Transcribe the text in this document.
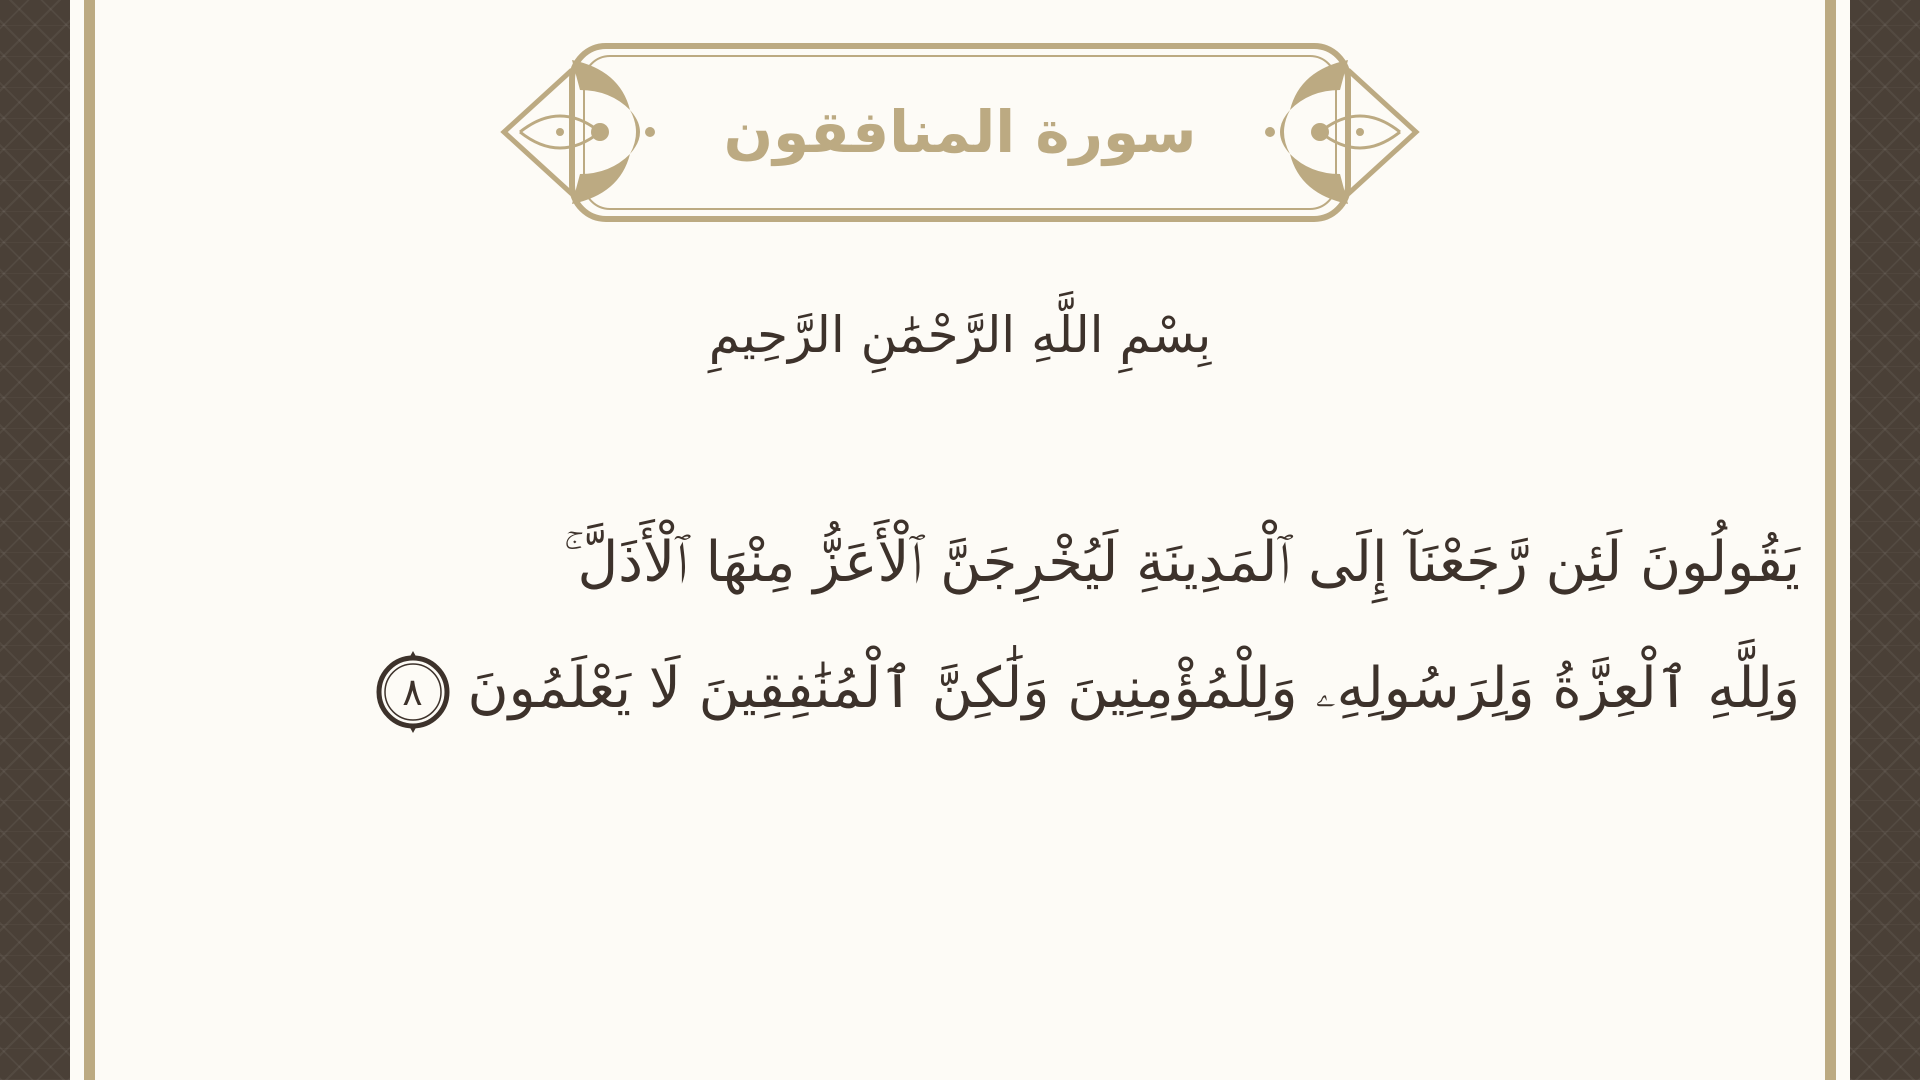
سورة المنافقون
بِسْمِ اللَّهِ الرَّحْمَٰنِ الرَّحِيمِ
يَقُولُونَ لَئِن رَّجَعْنَآ إِلَى ٱلْمَدِينَةِ لَيُخْرِجَنَّ ٱلْأَعَزُّ مِنْهَا ٱلْأَذَلَّ ۚ
وَلِلَّهِ ٱلْعِزَّةُ وَلِرَسُولِهِۦ وَلِلْمُؤْمِنِينَ وَلَٰكِنَّ ٱلْمُنَٰفِقِينَ لَا يَعْلَمُونَ
٨
